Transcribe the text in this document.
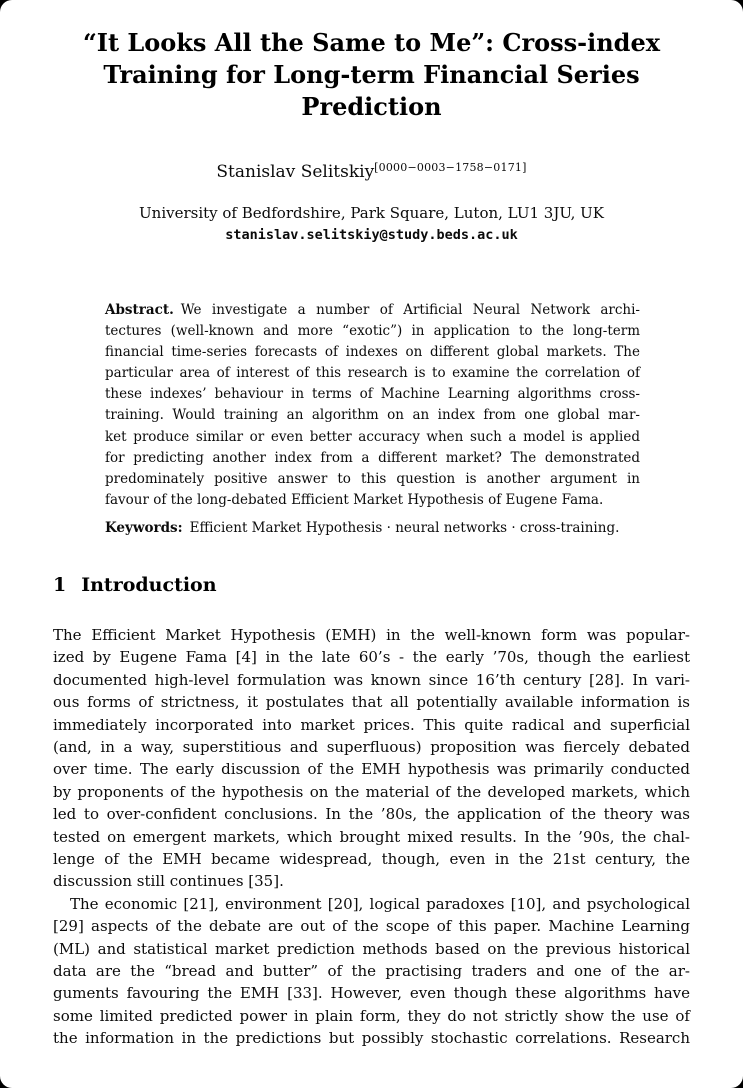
“It Looks All the Same to Me”: Cross-index
Training for Long-term Financial Series
Prediction
Stanislav Selitskiy[0000−0003−1758−0171]
University of Bedfordshire, Park Square, Luton, LU1 3JU, UK
stanislav.selitskiy@study.beds.ac.uk
Abstract. We investigate a number of Artificial Neural Network archi-
tectures (well-known and more “exotic”) in application to the long-term
financial time-series forecasts of indexes on different global markets. The
particular area of interest of this research is to examine the correlation of
these indexes’ behaviour in terms of Machine Learning algorithms cross-
training. Would training an algorithm on an index from one global mar-
ket produce similar or even better accuracy when such a model is applied
for predicting another index from a different market? The demonstrated
predominately positive answer to this question is another argument in
favour of the long-debated Efficient Market Hypothesis of Eugene Fama.
Keywords: Efficient Market Hypothesis · neural networks · cross-training.
1 Introduction
The Efficient Market Hypothesis (EMH) in the well-known form was popular-
ized by Eugene Fama [4] in the late 60’s - the early ’70s, though the earliest
documented high-level formulation was known since 16’th century [28]. In vari-
ous forms of strictness, it postulates that all potentially available information is
immediately incorporated into market prices. This quite radical and superficial
(and, in a way, superstitious and superfluous) proposition was fiercely debated
over time. The early discussion of the EMH hypothesis was primarily conducted
by proponents of the hypothesis on the material of the developed markets, which
led to over-confident conclusions. In the ’80s, the application of the theory was
tested on emergent markets, which brought mixed results. In the ’90s, the chal-
lenge of the EMH became widespread, though, even in the 21st century, the
discussion still continues [35].
The economic [21], environment [20], logical paradoxes [10], and psychological
[29] aspects of the debate are out of the scope of this paper. Machine Learning
(ML) and statistical market prediction methods based on the previous historical
data are the “bread and butter” of the practising traders and one of the ar-
guments favouring the EMH [33]. However, even though these algorithms have
some limited predicted power in plain form, they do not strictly show the use of
the information in the predictions but possibly stochastic correlations. Research
